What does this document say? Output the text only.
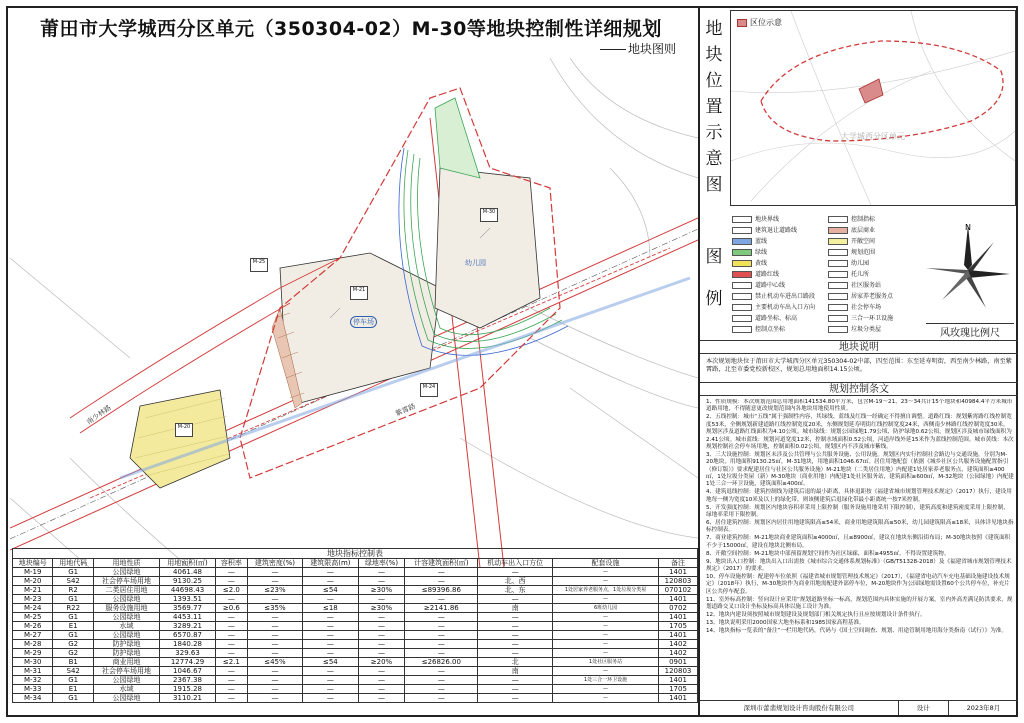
莆田市大学城西分区单元（350304-02）M-30等地块控制性详细规划
地块图则
紫霄路
南少林路
停车场
幼儿园
M-21
M-30
M-20
M-24
M-25
地块指标控制表
地块编号	用地代码	用地性质	用地面积(㎡)	容积率	建筑密度(%)	建筑限高(m)	绿地率(%)	计容建筑面积(㎡)	机动车出入口方位	配套设施	备注
M-19	G1	公园绿地	4061.48	—	—	—	—	—	—	—	1401
M-20	S42	社会停车场用地	9130.25	—	—	—	—	—	北、西	—	120803
M-21	R2	二类居住用地	44698.43	≤2.0	≤23%	≤54	≥30%	≤89396.86	北、东	1处居家养老服务点，1处垃圾分类屋	070102
M-23	G1	公园绿地	1393.51	—	—	—	—	—	—	—	1401
M-24	R22	服务设施用地	3569.77	≥0.6	≤35%	≤18	≥30%	≥2141.86	南	6班幼儿园	0702
M-25	G1	公园绿地	4453.11	—	—	—	—	—	—	—	1401
M-26	E1	水域	3289.21	—	—	—	—	—	—	—	1705
M-27	G1	公园绿地	6570.87	—	—	—	—	—	—	—	1401
M-28	G2	防护绿地	1840.28	—	—	—	—	—	—	—	1402
M-29	G2	防护绿地	329.63	—	—	—	—	—	—	—	1402
M-30	B1	商业用地	12774.29	≤2.1	≤45%	≤54	≥20%	≤26826.00	北	1处社区服务站	0901
M-31	S42	社会停车场用地	1046.67	—	—	—	—	—	南	—	120803
M-32	G1	公园绿地	2367.38	—	—	—	—	—	—	1处三合一环卫设施	1401
M-33	E1	水域	1915.28	—	—	—	—	—	—	—	1705
M-34	G1	公园绿地	3110.21	—	—	—	—	—	—	—	1401
地块位置示意图
区位示意
大学城西分区单元
图例
地块界线
建筑退让道路线
蓝线
绿线
黄线
道路红线
道路中心线
禁止机动车进出口路段
主要机动车出入口方向
道路坐标、标高
控制点坐标
控制指标
底层商业
开敞空间
规划范围
幼儿园
托儿所
社区服务站
居家养老服务点
社会停车场
三合一环卫设施
垃圾分类屋
N
风玫瑰比例尺
地块说明
本次规划地块位于莆田市大学城西分区单元350304-02中部，四至范围：东至延寿明街，西至南少林路，南至紫霄路，北至市委党校新校区，规划总用地面积14.15公顷。
规划控制条文

1、性质规模：本次规划范围总用地面积141534.80平方米，包含M-19～21、23～34共计15个地块和40984.4平方米城市道路用地，不得随意更改规划范围内各地块用地使用性质。

2、五线控制：城市“五线”属于强制性内容，其绿线、蓝线及红线一经确定不得擅自调整。道路红线：规划紫霄路红线控制宽度53米，全侧规划新建道路红线控制宽度20米，东侧规划延寿明街红线控制宽度24米，西侧南少林路红线控制宽度30米。规划区涉及道路红线面积为4.10公顷。城市绿线：规划公园绿地1.79公顷、防护绿地0.62公顷，规划区涉及城市绿线面积为2.41公顷。城市蓝线：规划河道宽度12米，控制水域面积0.52公顷，河道岸线外延15米作为蓝线控制范围。城市黄线：本次规划控制社会停车场用地，控制面积0.02公顷，规划区内不涉及城市紫线。

3、三大设施控制：规划区未涉及公共管理与公共服务设施、公用设施。规划区内实行控制社会路边与交通设施，分别为M-20地块，用地面积9130.25㎡，M-31地块，用地面积1046.67㎡。居住用地配套（依据《城乡社区公共服务设施配置指引（修订版）》要求配建居住与社区公共服务设施）M-21地块（二类居住用地）内配建1处居家养老服务点，建筑面积≥400㎡，1处垃圾分类屋（新）M-30地块（商业用地）内配建1处社区服务站，建筑面积≥600㎡，M-32地块（公园绿地）内配建1处三合一环卫设施，建筑面积≥400㎡。

4、建筑退线控制：建筑控制线为建筑后退的最小距离，具体退距按《福建省城市规划管理技术规定》（2017）执行，建设用地每一侧为宽度10米及以上的绿化带，则该侧建筑后退绿化带最小距离统一按7米控制。

5、开发强度控制：规划区内地块容积率采用上限控制（服务设施用地采用下限控制），建筑高度和建筑密度采用上限控制，绿地率采用下限控制。

6、居住建筑控制：规划区内居住用地建筑限高≤54米，商业用地建筑限高≤50米，幼儿园建筑限高≤18米，具体详见地块指标控制表。

7、商业建筑控制：M-21地块商业建筑面积≥4000㎡，且≤8900㎡，建议在地块东侧沿街布局；M-30地块按照《建筑面积不少于15000㎡，建设在地块北侧布局。

8、开敞空间控制：M-21地块中部预留规划空间作为社区绿廊，面积≥4955㎡，不得设置建筑物。

9、地块出入口控制：地块出入口出需按《城市综合交通体系规划标准》（GB/T51328-2018）及《福建省城市规划管理技术规定》（2017）的要求。

10、停车设施控制：配建停车位依照《福建省城市规划管理技术规定》（2017），《福建省电动汽车充电基础设施建设技术规定》（2018年）执行，M-30地块作为商业用地需配建外部停车位，M-20地块作为公园绿地需设置60个公共停车位，补充片区公共停车配套。

11、室外标高控制：竖向设计应采用“规划道路坐标一标高，规划范围内具体实施的开展方案，室内外高差满足防洪要求，规划道路交叉口设计坐标及标高具体以施工设计为准。

12、地块内建设须按照城市规划建设及规划部门相关规定执行且应按规划设计条件执行。

13、地块说明采用2000国家大地坐标系和1985国家高程基准。

14、地块指标一览表的“备注”一栏用地代码，代码与《国土空间调查、规划、用途管制用地用海分类指南（试行）》为准。

深圳市蕾翡规划设计咨询股份有限公司	设计	2023年8月
